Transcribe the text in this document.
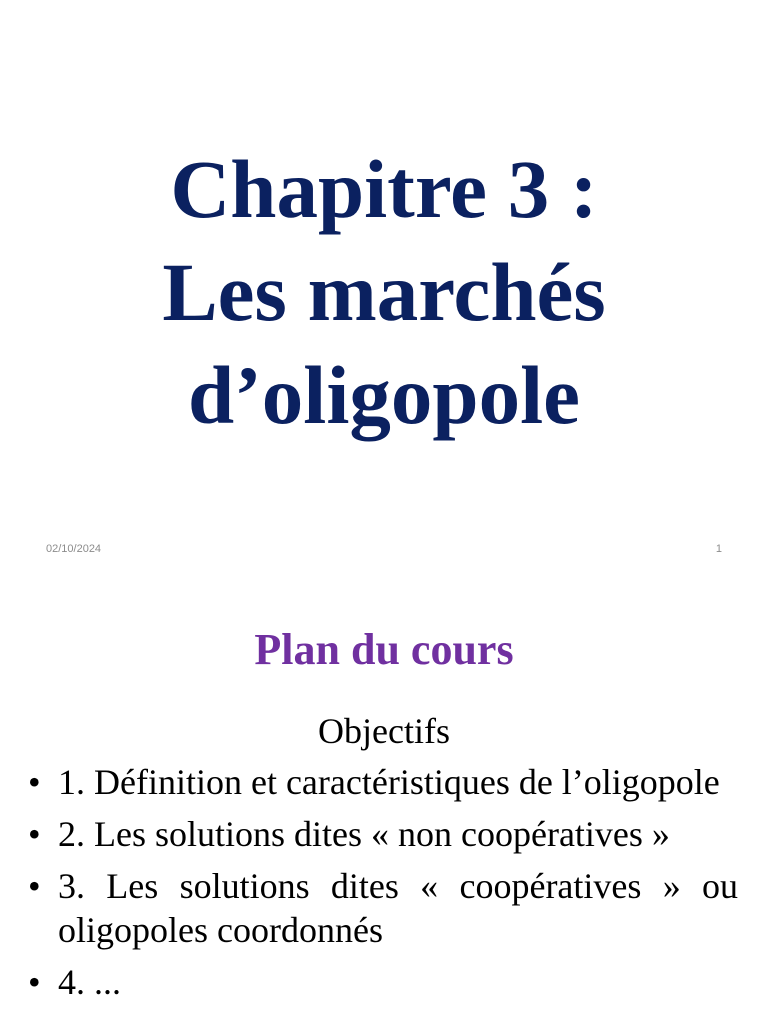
Chapitre 3 :
Les marchés
d’oligopole
02/10/2024	1
Plan du cours
Objectifs
• 1. Définition et caractéristiques de l’oligopole
• 2. Les solutions dites « non coopératives »
• 3. Les solutions dites « coopératives » ou oligopoles coordonnés
• 4. ...
